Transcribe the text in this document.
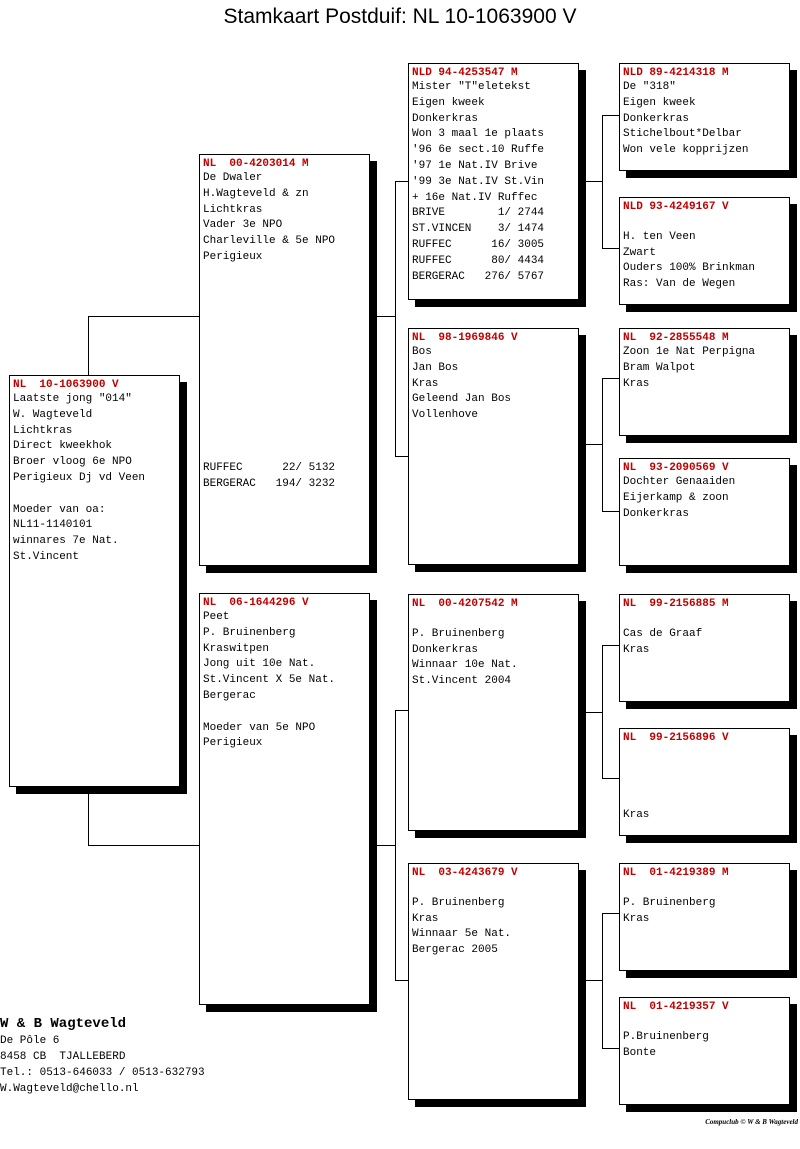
Stamkaart Postduif: NL 10-1063900 V
NL  10-1063900 V
Laatste jong "014"
W. Wagteveld
Lichtkras
Direct kweekhok
Broer vloog 6e NPO
Perigieux Dj vd Veen

Moeder van oa:
NL11-1140101
winnares 7e Nat.
St.Vincent
NL  00-4203014 M
De Dwaler
H.Wagteveld & zn
Lichtkras
Vader 3e NPO
Charleville & 5e NPO
Perigieux
RUFFEC      22/ 5132
BERGERAC   194/ 3232
NL  06-1644296 V
Peet
P. Bruinenberg
Kraswitpen
Jong uit 10e Nat.
St.Vincent X 5e Nat.
Bergerac

Moeder van 5e NPO
Perigieux
NLD 94-4253547 M
Mister "T"eletekst
Eigen kweek
Donkerkras
Won 3 maal 1e plaats
'96 6e sect.10 Ruffe
'97 1e Nat.IV Brive
'99 3e Nat.IV St.Vin
+ 16e Nat.IV Ruffec
BRIVE        1/ 2744
ST.VINCEN    3/ 1474
RUFFEC      16/ 3005
RUFFEC      80/ 4434
BERGERAC   276/ 5767
NL  98-1969846 V
Bos
Jan Bos
Kras
Geleend Jan Bos
Vollenhove
NL  00-4207542 M

P. Bruinenberg
Donkerkras
Winnaar 10e Nat.
St.Vincent 2004
NL  03-4243679 V

P. Bruinenberg
Kras
Winnaar 5e Nat.
Bergerac 2005
NLD 89-4214318 M
De "318"
Eigen kweek
Donkerkras
Stichelbout*Delbar
Won vele kopprijzen
NLD 93-4249167 V

H. ten Veen
Zwart
Ouders 100% Brinkman
Ras: Van de Wegen
NL  92-2855548 M
Zoon 1e Nat Perpigna
Bram Walpot
Kras
NL  93-2090569 V
Dochter Genaaiden
Eijerkamp & zoon
Donkerkras
NL  99-2156885 M

Cas de Graaf
Kras
NL  99-2156896 V

Kras
NL  01-4219389 M

P. Bruinenberg
Kras
NL  01-4219357 V

P.Bruinenberg
Bonte
W & B Wagteveld
De Pôle 6
8458 CB  TJALLEBERD
Tel.: 0513-646033 / 0513-632793
W.Wagteveld@chello.nl
Compuclub © W & B Wagteveld
